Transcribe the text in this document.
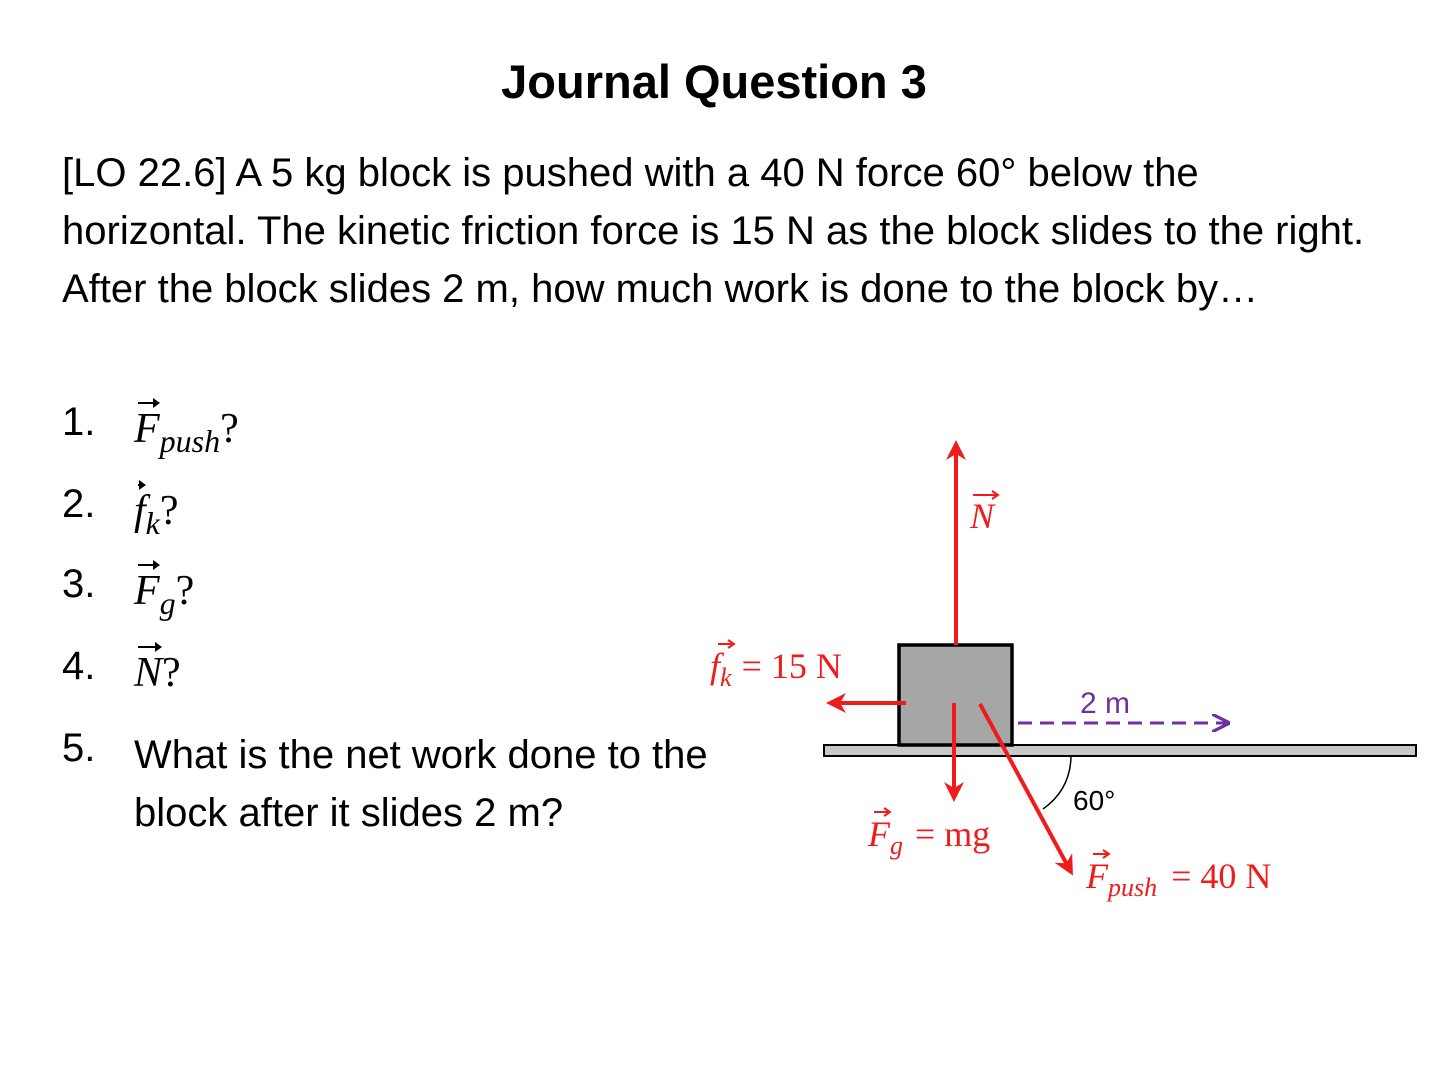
Journal Question 3
[LO 22.6] A 5 kg block is pushed with a 40 N force 60° below the horizontal. The kinetic friction force is 15 N as the block slides to the right. After the block slides 2 m, how much work is done to the block by…
1. $F_{push}$?
2. $f_k$?
3. $F_g$?
4. N?
5. What is the net work done to the block after it slides 2 m?
N
$f_k = 15$ N
$F_g$ = mg
$F_{push} = 40$ N
2 m
60°
